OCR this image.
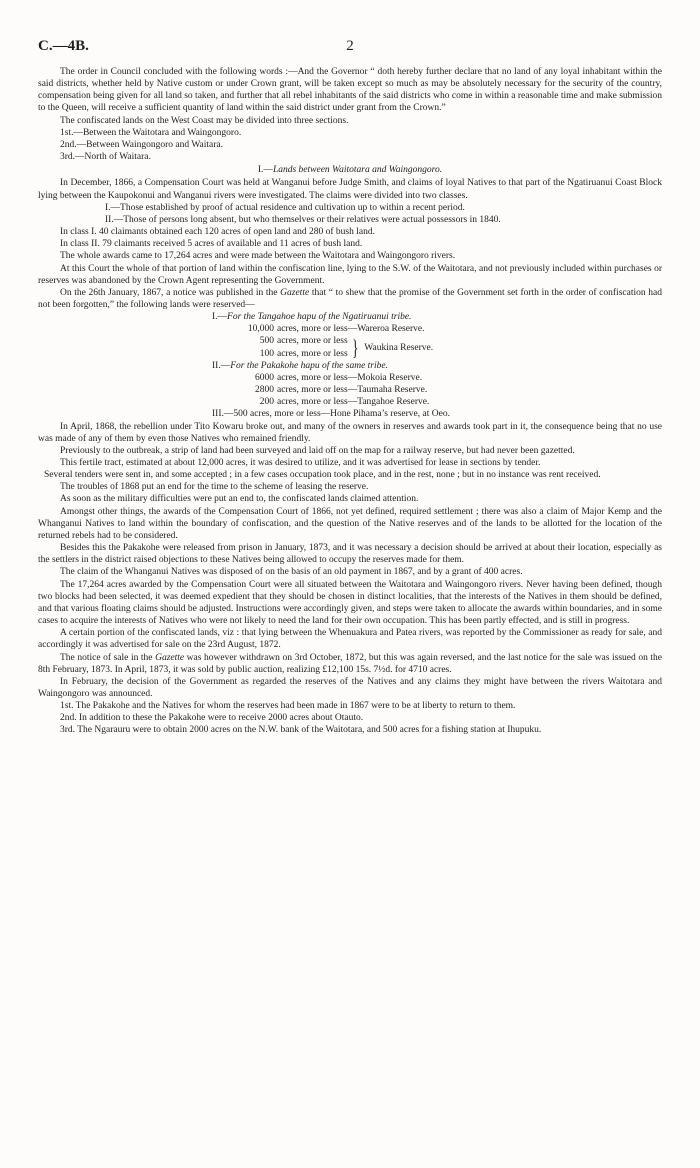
C.—4B.	2

The order in Council concluded with the following words :—And the Governor “ doth hereby further declare that no land of any loyal inhabitant within the said districts, whether held by Native custom or under Crown grant, will be taken except so much as may be absolutely necessary for the security of the country, compensation being given for all land so taken, and further that all rebel inhabitants of the said districts who come in within a reasonable time and make submission to the Queen, will receive a sufficient quantity of land within the said district under grant from the Crown.”

The confiscated lands on the West Coast may be divided into three sections.

1st.—Between the Waitotara and Waingongoro.

2nd.—Between Waingongoro and Waitara.

3rd.—North of Waitara.

I.—Lands between Waitotara and Waingongoro.

In December, 1866, a Compensation Court was held at Wanganui before Judge Smith, and claims of loyal Natives to that part of the Ngatiruanui Coast Block lying between the Kaupokonui and Wanganui rivers were investigated. The claims were divided into two classes.

I.—Those established by proof of actual residence and cultivation up to within a recent period.

II.—Those of persons long absent, but who themselves or their relatives were actual possessors in 1840.

In class I. 40 claimants obtained each 120 acres of open land and 280 of bush land.

In class II. 79 claimants received 5 acres of available and 11 acres of bush land.

The whole awards came to 17,264 acres and were made between the Waitotara and Waingongoro rivers.

At this Court the whole of that portion of land within the confiscation line, lying to the S.W. of the Waitotara, and not previously included within purchases or reserves was abandoned by the Crown Agent representing the Government.

On the 26th January, 1867, a notice was published in the Gazette that “ to shew that the promise of the Government set forth in the order of confiscation had not been forgotten,” the following lands were reserved—

I.—For the Tangahoe hapu of the Ngatiruanui tribe.
10,000 acres, more or less—Wareroa Reserve.
500 acres, more or less
100 acres, more or less } Waukina Reserve.
II.—For the Pakakohe hapu of the same tribe.
6000 acres, more or less—Mokoia Reserve.
2800 acres, more or less—Taumaha Reserve.
200 acres, more or less—Tangahoe Reserve.
III.—500 acres, more or less—Hone Pihama’s reserve, at Oeo.

In April, 1868, the rebellion under Tito Kowaru broke out, and many of the owners in reserves and awards took part in it, the consequence being that no use was made of any of them by even those Natives who remained friendly.

Previously to the outbreak, a strip of land had been surveyed and laid off on the map for a railway reserve, but had never been gazetted.

This fertile tract, estimated at about 12,000 acres, it was desired to utilize, and it was advertised for lease in sections by tender.

Several tenders were sent in, and some accepted ; in a few cases occupation took place, and in the rest, none ; but in no instance was rent received.

The troubles of 1868 put an end for the time to the scheme of leasing the reserve.

As soon as the military difficulties were put an end to, the confiscated lands claimed attention.

Amongst other things, the awards of the Compensation Court of 1866, not yet defined, required settlement ; there was also a claim of Major Kemp and the Whanganui Natives to land within the boundary of confiscation, and the question of the Native reserves and of the lands to be allotted for the location of the returned rebels had to be considered.

Besides this the Pakakohe were released from prison in January, 1873, and it was necessary a decision should be arrived at about their location, especially as the settlers in the district raised objections to these Natives being allowed to occupy the reserves made for them.

The claim of the Whanganui Natives was disposed of on the basis of an old payment in 1867, and by a grant of 400 acres.

The 17,264 acres awarded by the Compensation Court were all situated between the Waitotara and Waingongoro rivers. Never having been defined, though two blocks had been selected, it was deemed expedient that they should be chosen in distinct localities, that the interests of the Natives in them should be defined, and that various floating claims should be adjusted. Instructions were accordingly given, and steps were taken to allocate the awards within boundaries, and in some cases to acquire the interests of Natives who were not likely to need the land for their own occupation. This has been partly effected, and is still in progress.

A certain portion of the confiscated lands, viz : that lying between the Whenuakura and Patea rivers, was reported by the Commissioner as ready for sale, and accordingly it was advertised for sale on the 23rd August, 1872.

The notice of sale in the Gazette was however withdrawn on 3rd October, 1872, but this was again reversed, and the last notice for the sale was issued on the 8th February, 1873. In April, 1873, it was sold by public auction, realizing £12,100 15s. 7½d. for 4710 acres.

In February, the decision of the Government as regarded the reserves of the Natives and any claims they might have between the rivers Waitotara and Waingongoro was announced.

1st. The Pakakohe and the Natives for whom the reserves had been made in 1867 were to be at liberty to return to them.

2nd. In addition to these the Pakakohe were to receive 2000 acres about Otauto.

3rd. The Ngarauru were to obtain 2000 acres on the N.W. bank of the Waitotara, and 500 acres for a fishing station at Ihupuku.
